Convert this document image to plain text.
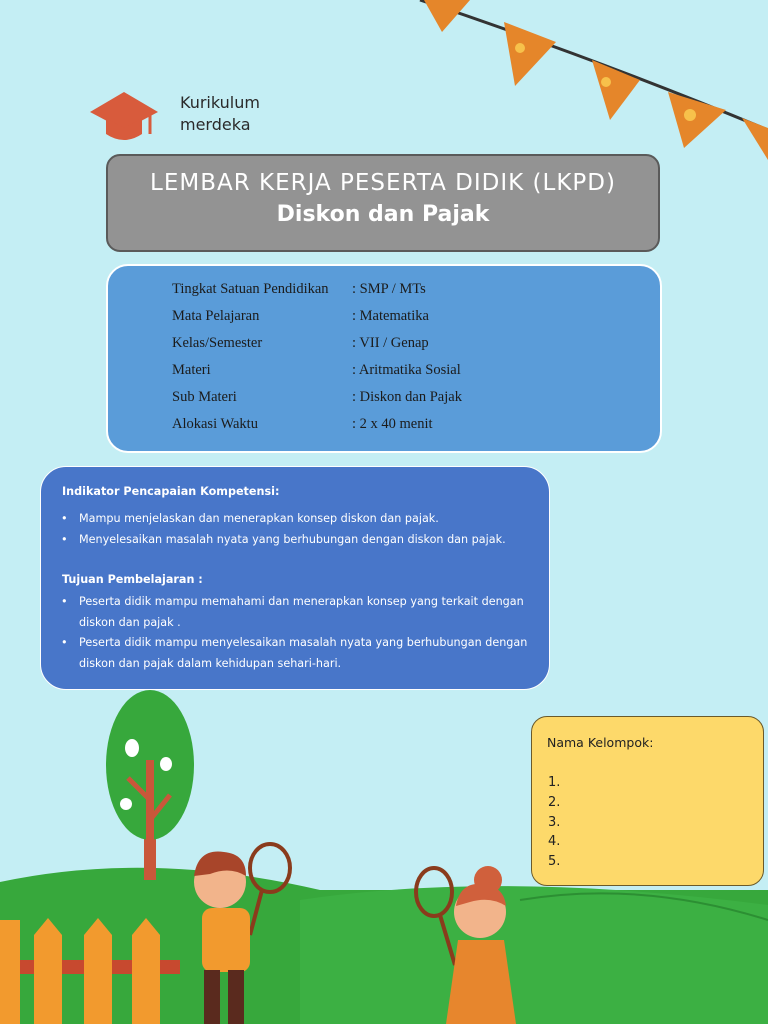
Kurikulum
merdeka
LEMBAR KERJA PESERTA DIDIK (LKPD)
Diskon dan Pajak
Tingkat Satuan Pendidikan	: SMP / MTs
Mata Pelajaran	: Matematika
Kelas/Semester	: VII / Genap
Materi	: Aritmatika Sosial
Sub Materi	: Diskon dan Pajak
Alokasi Waktu	: 2 x 40 menit
Indikator Pencapaian Kompetensi:
• Mampu menjelaskan dan menerapkan konsep diskon dan pajak.
• Menyelesaikan masalah nyata yang berhubungan dengan diskon dan pajak.
Tujuan Pembelajaran :
• Peserta didik mampu memahami dan menerapkan konsep yang terkait dengan diskon dan pajak .
• Peserta didik mampu menyelesaikan masalah nyata yang berhubungan dengan diskon dan pajak dalam kehidupan sehari-hari.
Nama Kelompok:
1.
2.
3.
4.
5.
